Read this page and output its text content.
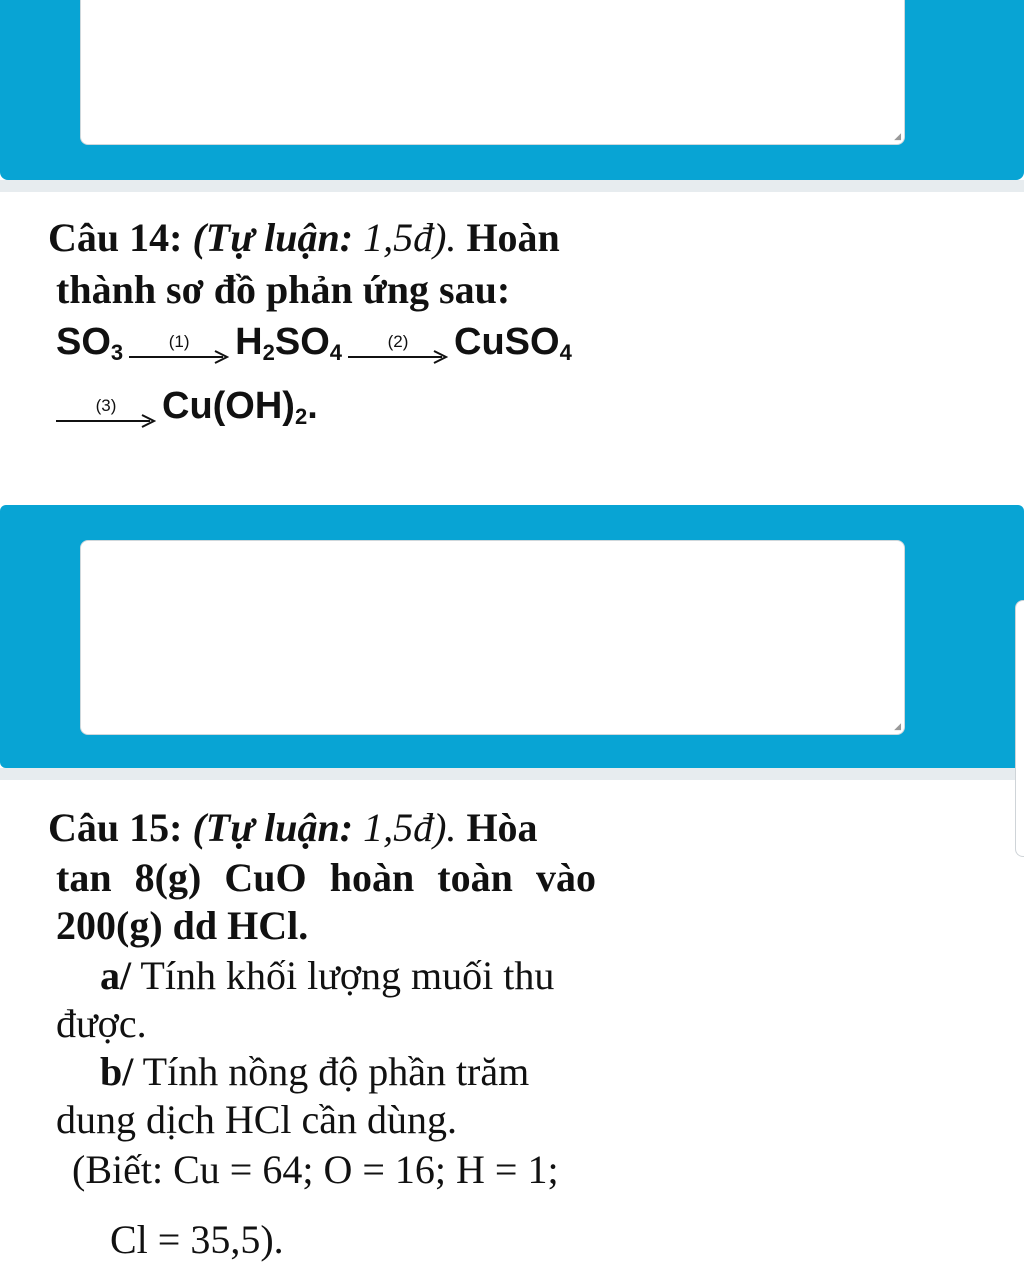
◢
Câu 14: (Tự luận: 1,5đ). Hoàn
thành sơ đồ phản ứng sau:
$SO_3$	(1) $H_2SO_4$	(2) CuSO$_4$
(3) $Cu(OH)_2$.
◢
Câu 15: (Tự luận: 1,5đ). Hòa
tan 8(g) CuO hoàn toàn vào
200(g) dd HCl.
a/ Tính khối lượng muối thu
được.
b/ Tính nồng độ phần trăm
dung dịch HCl cần dùng.
(Biết: Cu = 64; O = 16; H = 1;
Cl = 35,5).
